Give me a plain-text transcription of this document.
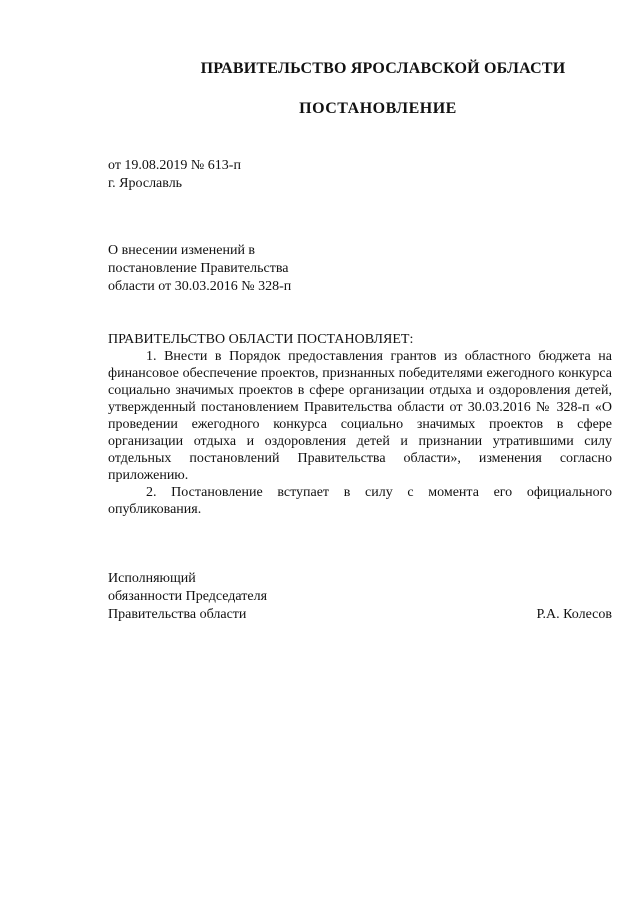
ПРАВИТЕЛЬСТВО ЯРОСЛАВСКОЙ ОБЛАСТИ
ПОСТАНОВЛЕНИЕ
от 19.08.2019 № 613-п
г. Ярославль
О внесении изменений в
постановление Правительства
области от 30.03.2016 № 328-п
ПРАВИТЕЛЬСТВО ОБЛАСТИ ПОСТАНОВЛЯЕТ:

1. Внести в Порядок предоставления грантов из областного бюджета на финансовое обеспечение проектов, признанных победителями ежегодного конкурса социально значимых проектов в сфере организации отдыха и оздоровления детей, утвержденный постановлением Правительства области от 30.03.2016 № 328-п «О проведении ежегодного конкурса социально значимых проектов в сфере организации отдыха и оздоровления детей и признании утратившими силу отдельных постановлений Правительства области», изменения согласно приложению.

2. Постановление вступает в силу с момента его официального опубликования.

Исполняющий
обязанности Председателя
Правительства области	Р.А. Колесов
